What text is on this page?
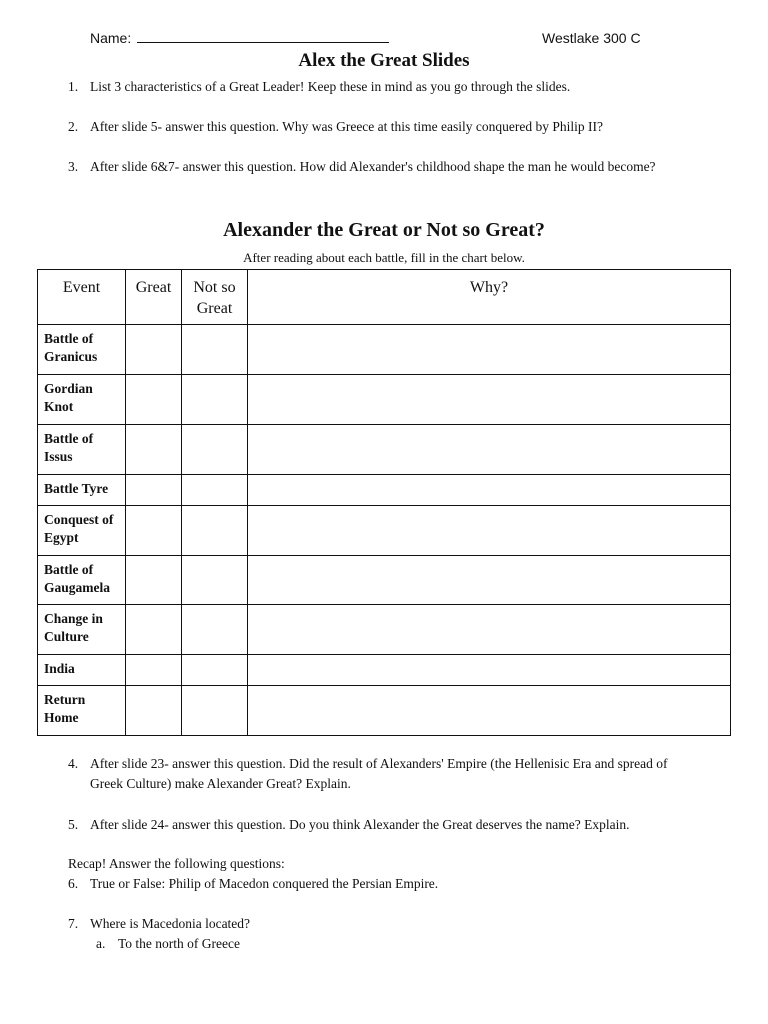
Name:	Westlake 300 C
Alex the Great Slides
1. List 3 characteristics of a Great Leader! Keep these in mind as you go through the slides.
2. After slide 5- answer this question. Why was Greece at this time easily conquered by Philip II?
3. After slide 6&7- answer this question. How did Alexander's childhood shape the man he would become?
Alexander the Great or Not so Great?
After reading about each battle, fill in the chart below.
Event	Great	Not so Great	Why?
Battle of Granicus			
Gordian Knot			
Battle of Issus			
Battle Tyre			
Conquest of Egypt			
Battle of Gaugamela			
Change in Culture			
India			
Return Home			
4. After slide 23- answer this question. Did the result of Alexanders' Empire (the Hellenisic Era and spread of Greek Culture) make Alexander Great? Explain.
5. After slide 24- answer this question. Do you think Alexander the Great deserves the name? Explain.
Recap! Answer the following questions:
6. True or False: Philip of Macedon conquered the Persian Empire.
7. Where is Macedonia located?
a. To the north of Greece
